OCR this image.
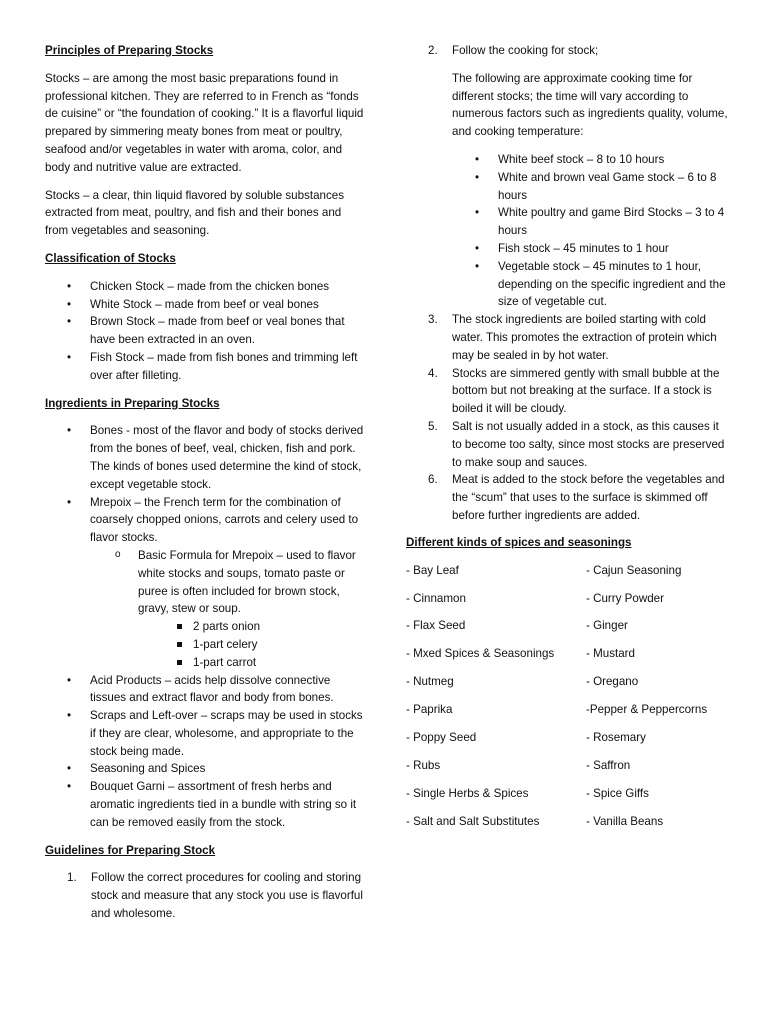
Principles of Preparing Stocks

Stocks – are among the most basic preparations found in professional kitchen. They are referred to in French as “fonds de cuisine” or “the foundation of cooking.” It is a flavorful liquid prepared by simmering meaty bones from meat or poultry, seafood and/or vegetables in water with aroma, color, and body and nutritive value are extracted.

Stocks – a clear, thin liquid flavored by soluble substances extracted from meat, poultry, and fish and their bones and from vegetables and seasoning.

Classification of Stocks
• Chicken Stock – made from the chicken bones
• White Stock – made from beef or veal bones
• Brown Stock – made from beef or veal bones that have been extracted in an oven.
• Fish Stock – made from fish bones and trimming left over after filleting.
Ingredients in Preparing Stocks
• Bones - most of the flavor and body of stocks derived from the bones of beef, veal, chicken, fish and pork. The kinds of bones used determine the kind of stock, except vegetable stock.
• Mrepoix – the French term for the combination of coarsely chopped onions, carrots and celery used to flavor stocks.
o Basic Formula for Mrepoix – used to flavor white stocks and soups, tomato paste or puree is often included for brown stock, gravy, stew or soup.
2 parts onion
1-part celery
1-part carrot
• Acid Products – acids help dissolve connective tissues and extract flavor and body from bones.
• Scraps and Left-over – scraps may be used in stocks if they are clear, wholesome, and appropriate to the stock being made.
• Seasoning and Spices
• Bouquet Garni – assortment of fresh herbs and aromatic ingredients tied in a bundle with string so it can be removed easily from the stock.
Guidelines for Preparing Stock
1. Follow the correct procedures for cooling and storing stock and measure that any stock you use is flavorful and wholesome.
2. Follow the cooking for stock;

The following are approximate cooking time for different stocks; the time will vary according to numerous factors such as ingredients quality, volume, and cooking temperature:

• White beef stock – 8 to 10 hours
• White and brown veal Game stock – 6 to 8 hours
• White poultry and game Bird Stocks – 3 to 4 hours
• Fish stock – 45 minutes to 1 hour
• Vegetable stock – 45 minutes to 1 hour, depending on the specific ingredient and the size of vegetable cut.
3. The stock ingredients are boiled starting with cold water. This promotes the extraction of protein which may be sealed in by hot water.
4. Stocks are simmered gently with small bubble at the bottom but not breaking at the surface. If a stock is boiled it will be cloudy.
5. Salt is not usually added in a stock, as this causes it to become too salty, since most stocks are preserved to make soup and sauces.
6. Meat is added to the stock before the vegetables and the “scum” that uses to the surface is skimmed off before further ingredients are added.
Different kinds of spices and seasonings
- Bay Leaf	- Cajun Seasoning
- Cinnamon	- Curry Powder
- Flax Seed	- Ginger
- Mxed Spices & Seasonings	- Mustard
- Nutmeg	- Oregano
- Paprika	-Pepper & Peppercorns
- Poppy Seed	- Rosemary
- Rubs	- Saffron
- Single Herbs & Spices	- Spice Giffs
- Salt and Salt Substitutes	- Vanilla Beans
